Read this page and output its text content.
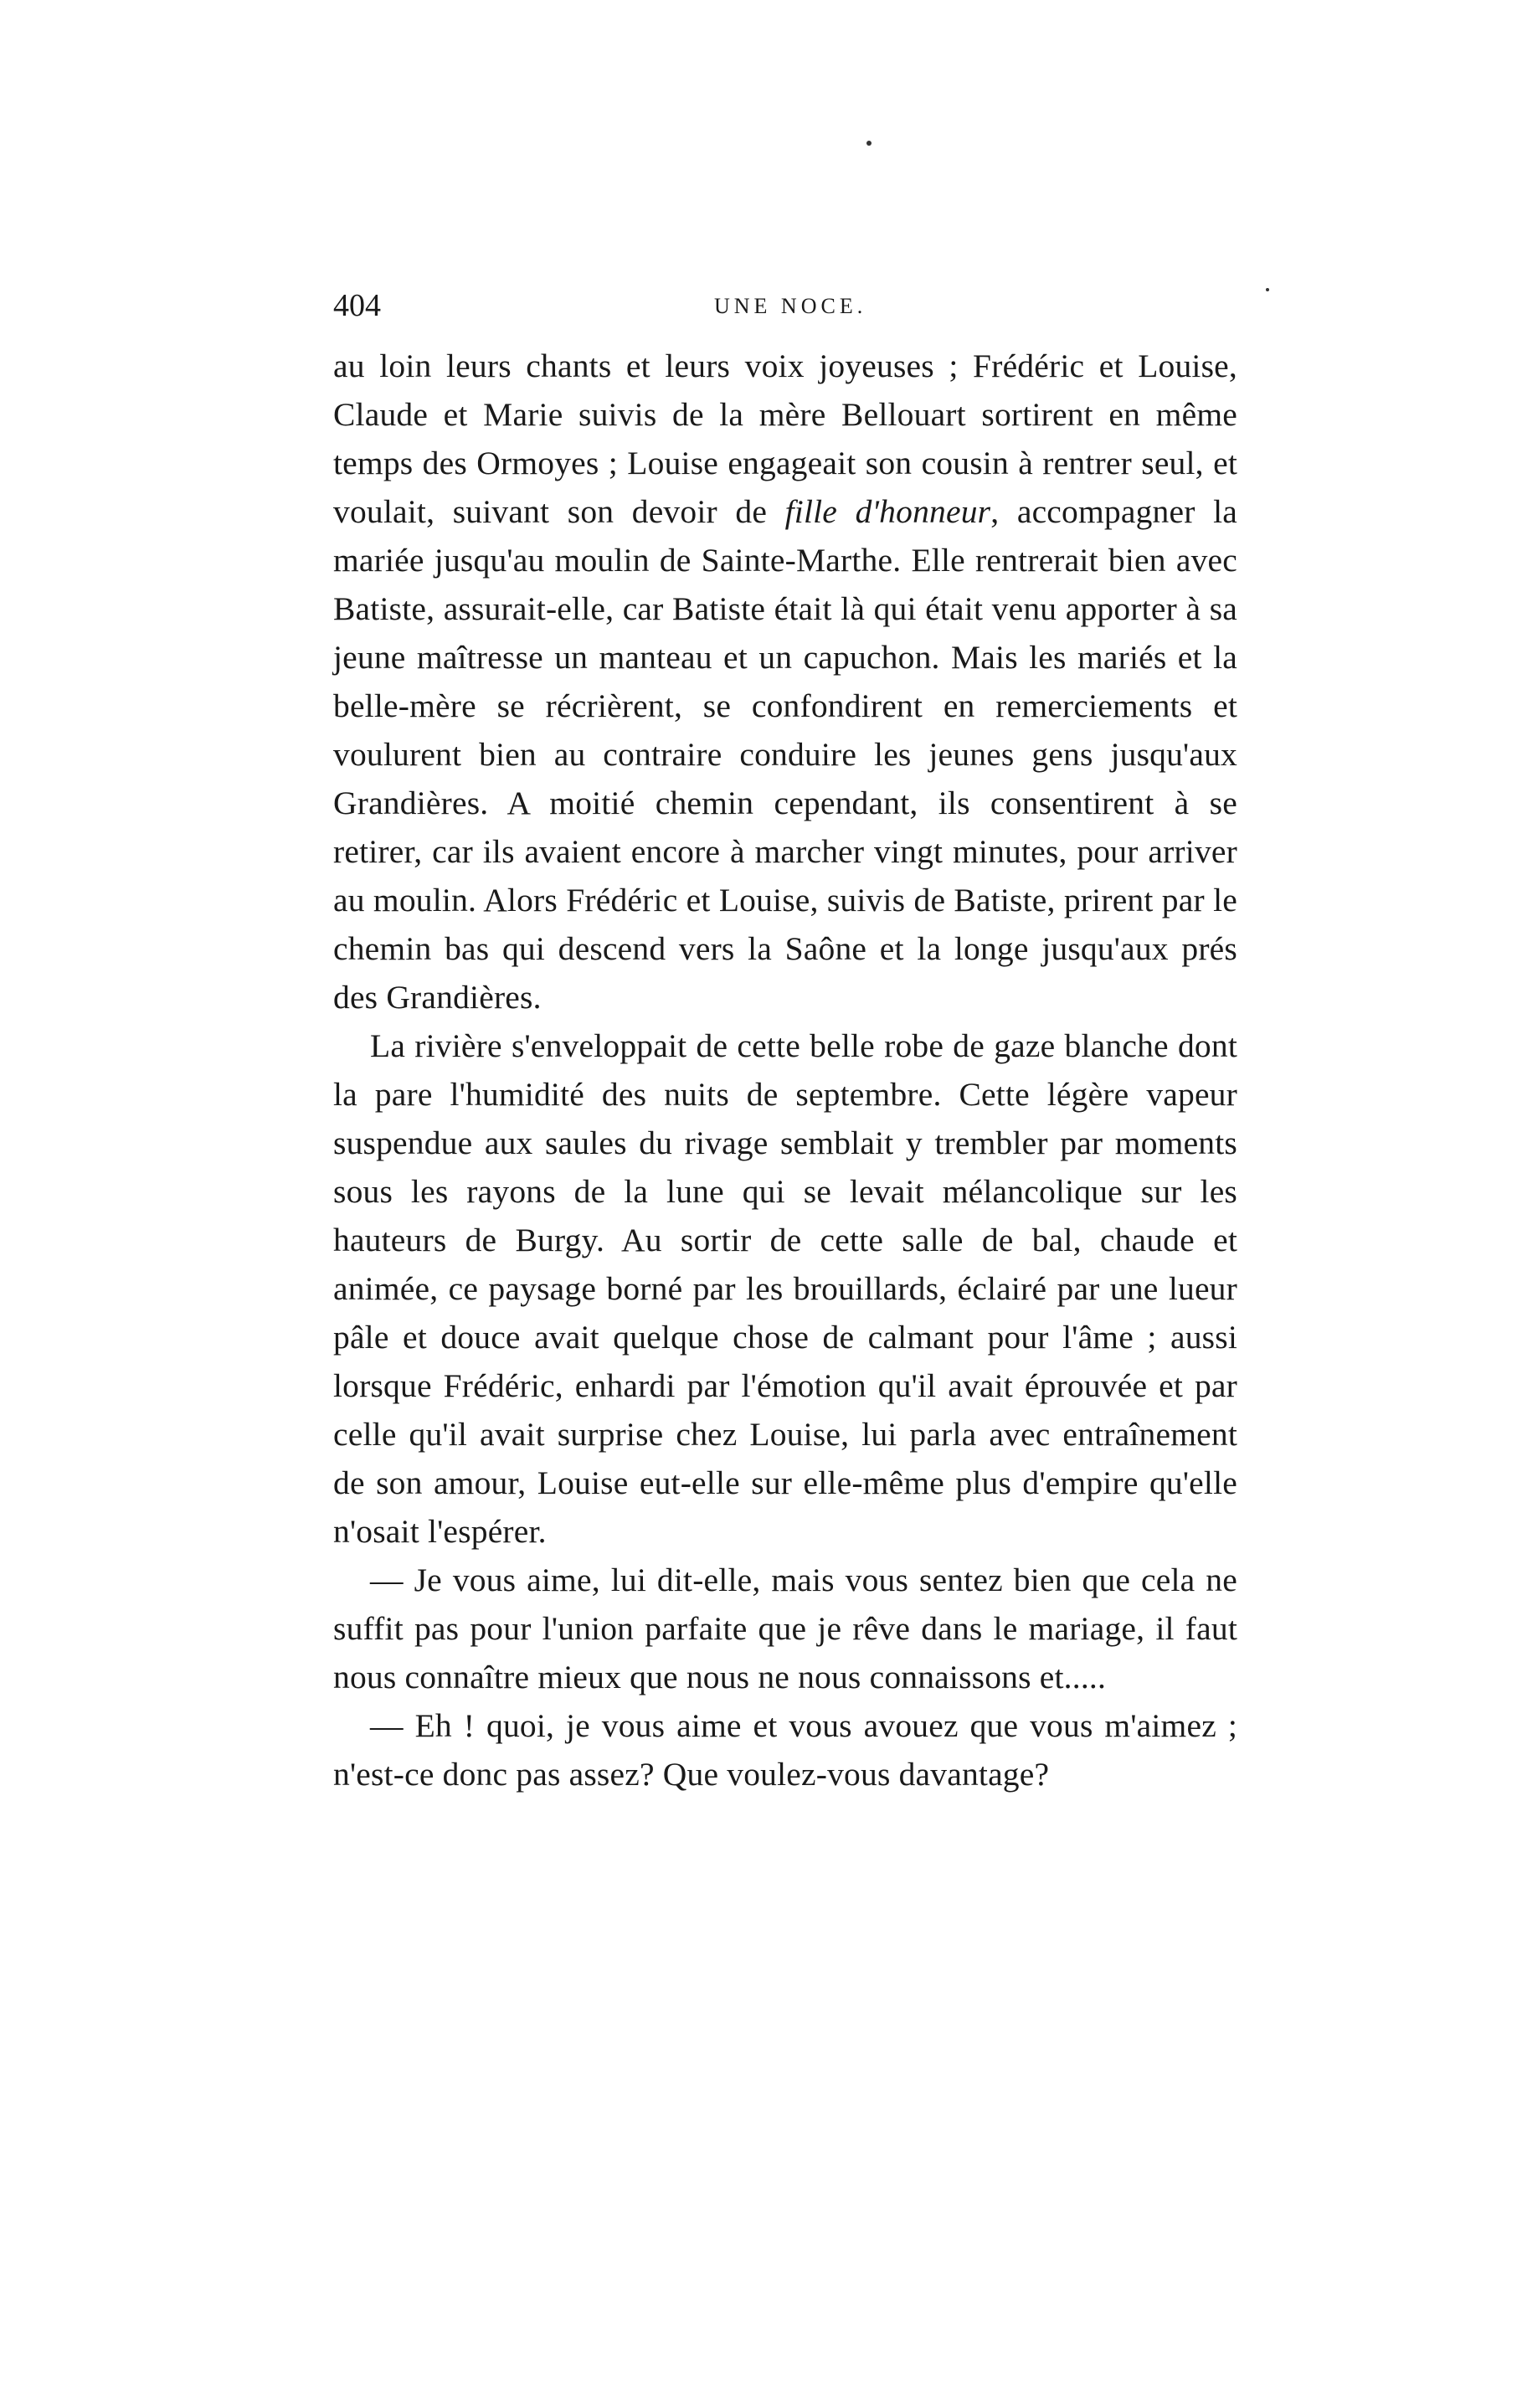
404	UNE NOCE.

au loin leurs chants et leurs voix joyeuses ; Frédéric et Louise, Claude et Marie suivis de la mère Bellouart sortirent en même temps des Ormoyes ; Louise engageait son cousin à rentrer seul, et voulait, suivant son devoir de fille d'honneur, accompagner la mariée jusqu'au moulin de Sainte-Marthe. Elle rentrerait bien avec Batiste, assurait-elle, car Batiste était là qui était venu apporter à sa jeune maîtresse un manteau et un capuchon. Mais les mariés et la belle-mère se récrièrent, se confondirent en remerciements et voulurent bien au contraire conduire les jeunes gens jusqu'aux Grandières. A moitié chemin cependant, ils consentirent à se retirer, car ils avaient encore à marcher vingt minutes, pour arriver au moulin. Alors Frédéric et Louise, suivis de Batiste, prirent par le chemin bas qui descend vers la Saône et la longe jusqu'aux prés des Grandières.

La rivière s'enveloppait de cette belle robe de gaze blanche dont la pare l'humidité des nuits de septembre. Cette légère vapeur suspendue aux saules du rivage semblait y trembler par moments sous les rayons de la lune qui se levait mélancolique sur les hauteurs de Burgy. Au sortir de cette salle de bal, chaude et animée, ce paysage borné par les brouillards, éclairé par une lueur pâle et douce avait quelque chose de calmant pour l'âme ; aussi lorsque Frédéric, enhardi par l'émotion qu'il avait éprouvée et par celle qu'il avait surprise chez Louise, lui parla avec entraînement de son amour, Louise eut-elle sur elle-même plus d'empire qu'elle n'osait l'espérer.

— Je vous aime, lui dit-elle, mais vous sentez bien que cela ne suffit pas pour l'union parfaite que je rêve dans le mariage, il faut nous connaître mieux que nous ne nous connaissons et.....

— Eh ! quoi, je vous aime et vous avouez que vous m'aimez ; n'est-ce donc pas assez? Que voulez-vous davantage?
